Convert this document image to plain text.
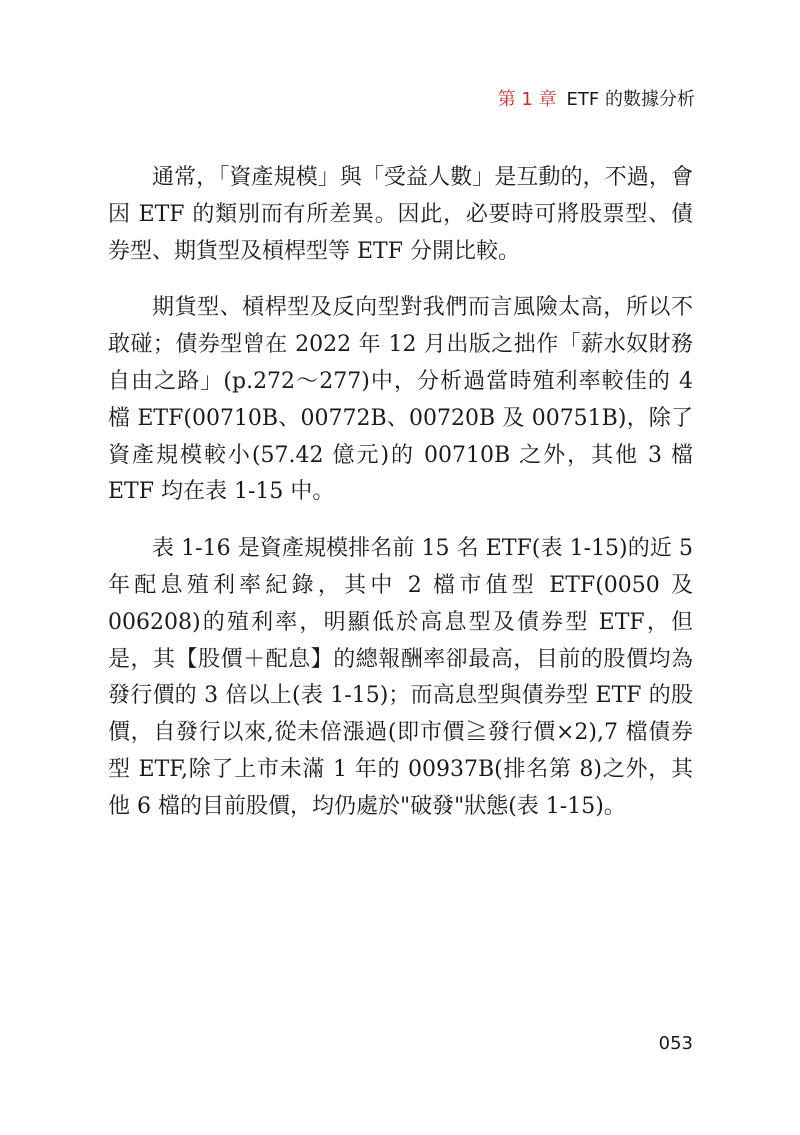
第 1 章 ETF 的數據分析

通常，「資產規模」與「受益人數」是互動的，不過，會因 ETF 的類別而有所差異。因此，必要時可將股票型、債券型、期貨型及槓桿型等 ETF 分開比較。

期貨型、槓桿型及反向型對我們而言風險太高，所以不敢碰；債券型曾在 2022 年 12 月出版之拙作「薪水奴財務自由之路」(p.272～277)中，分析過當時殖利率較佳的 4 檔 ETF(00710B、00772B、00720B 及 00751B)，除了資產規模較小(57.42 億元)的 00710B 之外，其他 3 檔 ETF 均在表 1-15 中。

表 1-16 是資產規模排名前 15 名 ETF(表 1-15)的近 5 年配息殖利率紀錄，其中 2 檔市值型 ETF(0050 及 006208)的殖利率，明顯低於高息型及債券型 ETF，但是，其【股價＋配息】的總報酬率卻最高，目前的股價均為發行價的 3 倍以上(表 1-15)；而高息型與債券型 ETF 的股價，自發行以來,從未倍漲過(即市價≧發行價×2),7 檔債券型 ETF,除了上市未滿 1 年的 00937B(排名第 8)之外，其他 6 檔的目前股價，均仍處於"破發"狀態(表 1-15)。

053
